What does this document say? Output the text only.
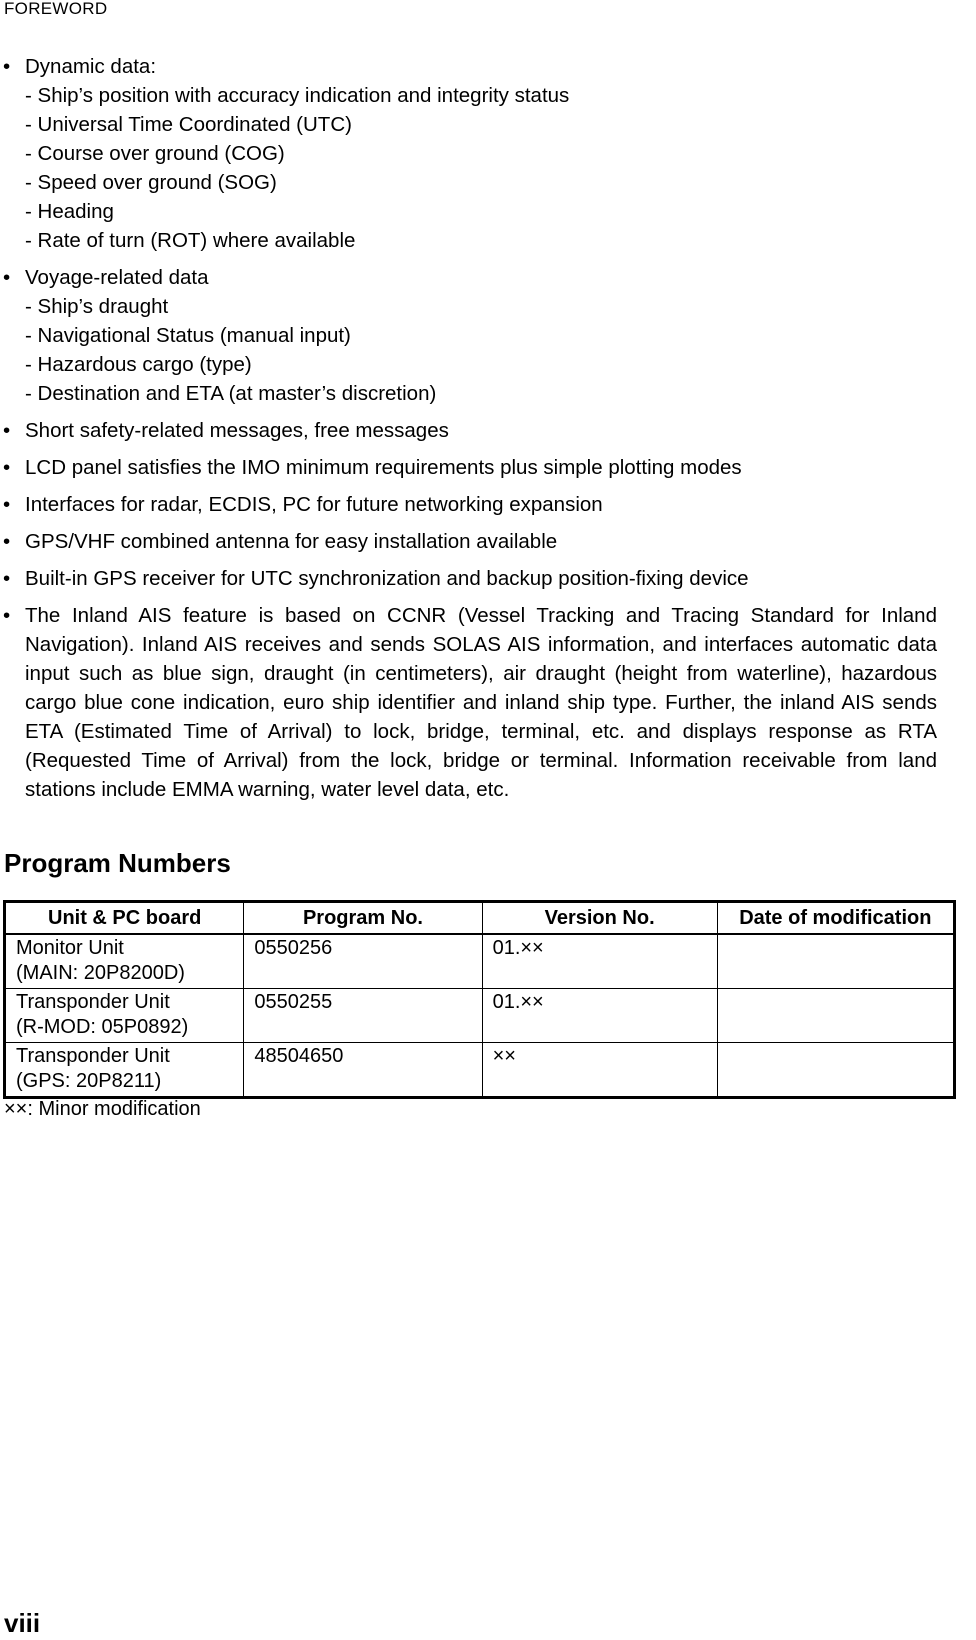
FOREWORD
• Dynamic data:
- Ship’s position with accuracy indication and integrity status
- Universal Time Coordinated (UTC)
- Course over ground (COG)
- Speed over ground (SOG)
- Heading
- Rate of turn (ROT) where available
• Voyage-related data
- Ship’s draught
- Navigational Status (manual input)
- Hazardous cargo (type)
- Destination and ETA (at master’s discretion)
• Short safety-related messages, free messages
• LCD panel satisfies the IMO minimum requirements plus simple plotting modes
• Interfaces for radar, ECDIS, PC for future networking expansion
• GPS/VHF combined antenna for easy installation available
• Built-in GPS receiver for UTC synchronization and backup position-fixing device
• The Inland AIS feature is based on CCNR (Vessel Tracking and Tracing Standard for Inland Navigation). Inland AIS receives and sends SOLAS AIS information, and interfaces automatic data input such as blue sign, draught (in centimeters), air draught (height from waterline), hazardous cargo blue cone indication, euro ship identifier and inland ship type. Further, the inland AIS sends ETA (Estimated Time of Arrival) to lock, bridge, terminal, etc. and displays response as RTA (Requested Time of Arrival) from the lock, bridge or terminal. Information receivable from land stations include EMMA warning, water level data, etc.
Program Numbers
Unit & PC board	Program No.	Version No.	Date of modification

Monitor Unit
(MAIN: 20P8200D)	0550256	01.××	

Transponder Unit
(R-MOD: 05P0892)	0550255	01.××	

Transponder Unit
(GPS: 20P8211)	48504650	××	
××: Minor modification
viii
